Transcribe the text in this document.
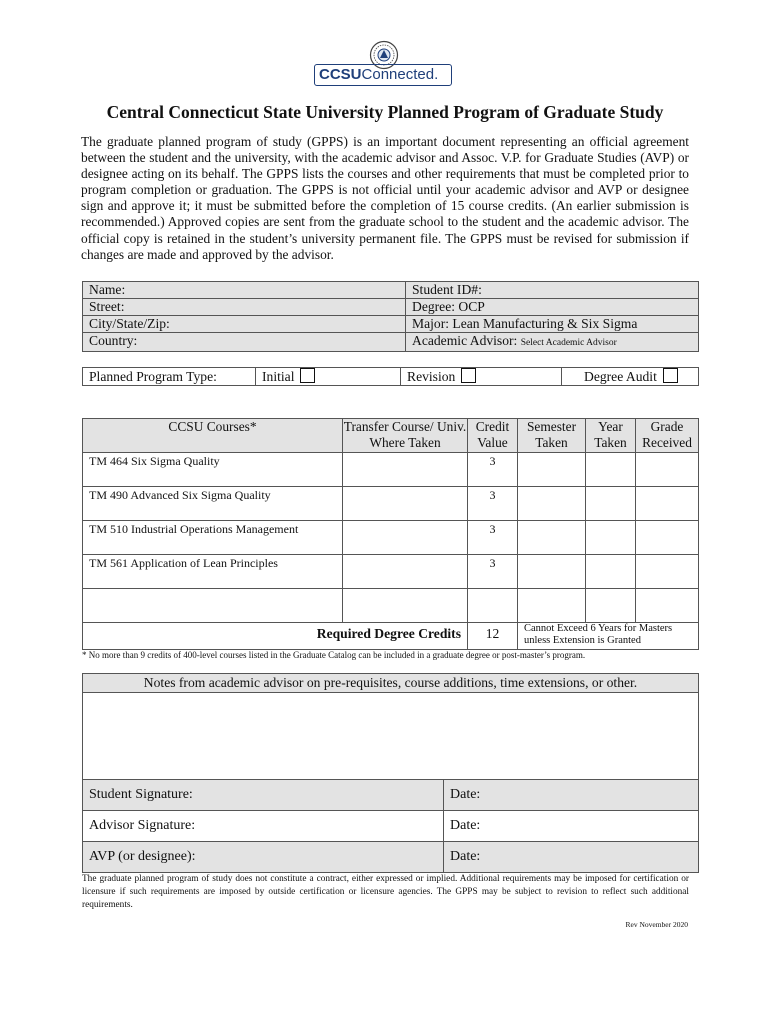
CCSUConnected.
Central Connecticut State University Planned Program of Graduate Study
The graduate planned program of study (GPPS) is an important document representing an official agreement between the student and the university, with the academic advisor and Assoc. V.P. for Graduate Studies (AVP) or designee acting on its behalf. The GPPS lists the courses and other requirements that must be completed prior to program completion or graduation. The GPPS is not official until your academic advisor and AVP or designee sign and approve it; it must be submitted before the completion of 15 course credits. (An earlier submission is recommended.) Approved copies are sent from the graduate school to the student and the academic advisor. The official copy is retained in the student’s university permanent file. The GPPS must be revised for submission if changes are made and approved by the advisor.
Name:	Student ID#:
Street:	Degree: OCP
City/State/Zip:	Major: Lean Manufacturing & Six Sigma
Country:	Academic Advisor: Select Academic Advisor
Planned Program Type:	Initial	Revision	Degree Audit
CCSU Courses*	Transfer Course/ Univ. Where Taken	Credit Value	Semester Taken	Year Taken	Grade Received
TM 464 Six Sigma Quality		3			
TM 490 Advanced Six Sigma Quality		3			
TM 510 Industrial Operations Management		3			
TM 561 Application of Lean Principles		3			

Required Degree Credits		12	Cannot Exceed 6 Years for Masters unless Extension is Granted		
* No more than 9 credits of 400-level courses listed in the Graduate Catalog can be included in a graduate degree or post-master’s program.
Notes from academic advisor on pre-requisites, course additions, time extensions, or other.	

Student Signature:	Date:
Advisor Signature:	Date:
AVP (or designee):	Date:
The graduate planned program of study does not constitute a contract, either expressed or implied. Additional requirements may be imposed for certification or licensure if such requirements are imposed by outside certification or licensure agencies. The GPPS may be subject to revision to reflect such additional requirements.
Rev November 2020
